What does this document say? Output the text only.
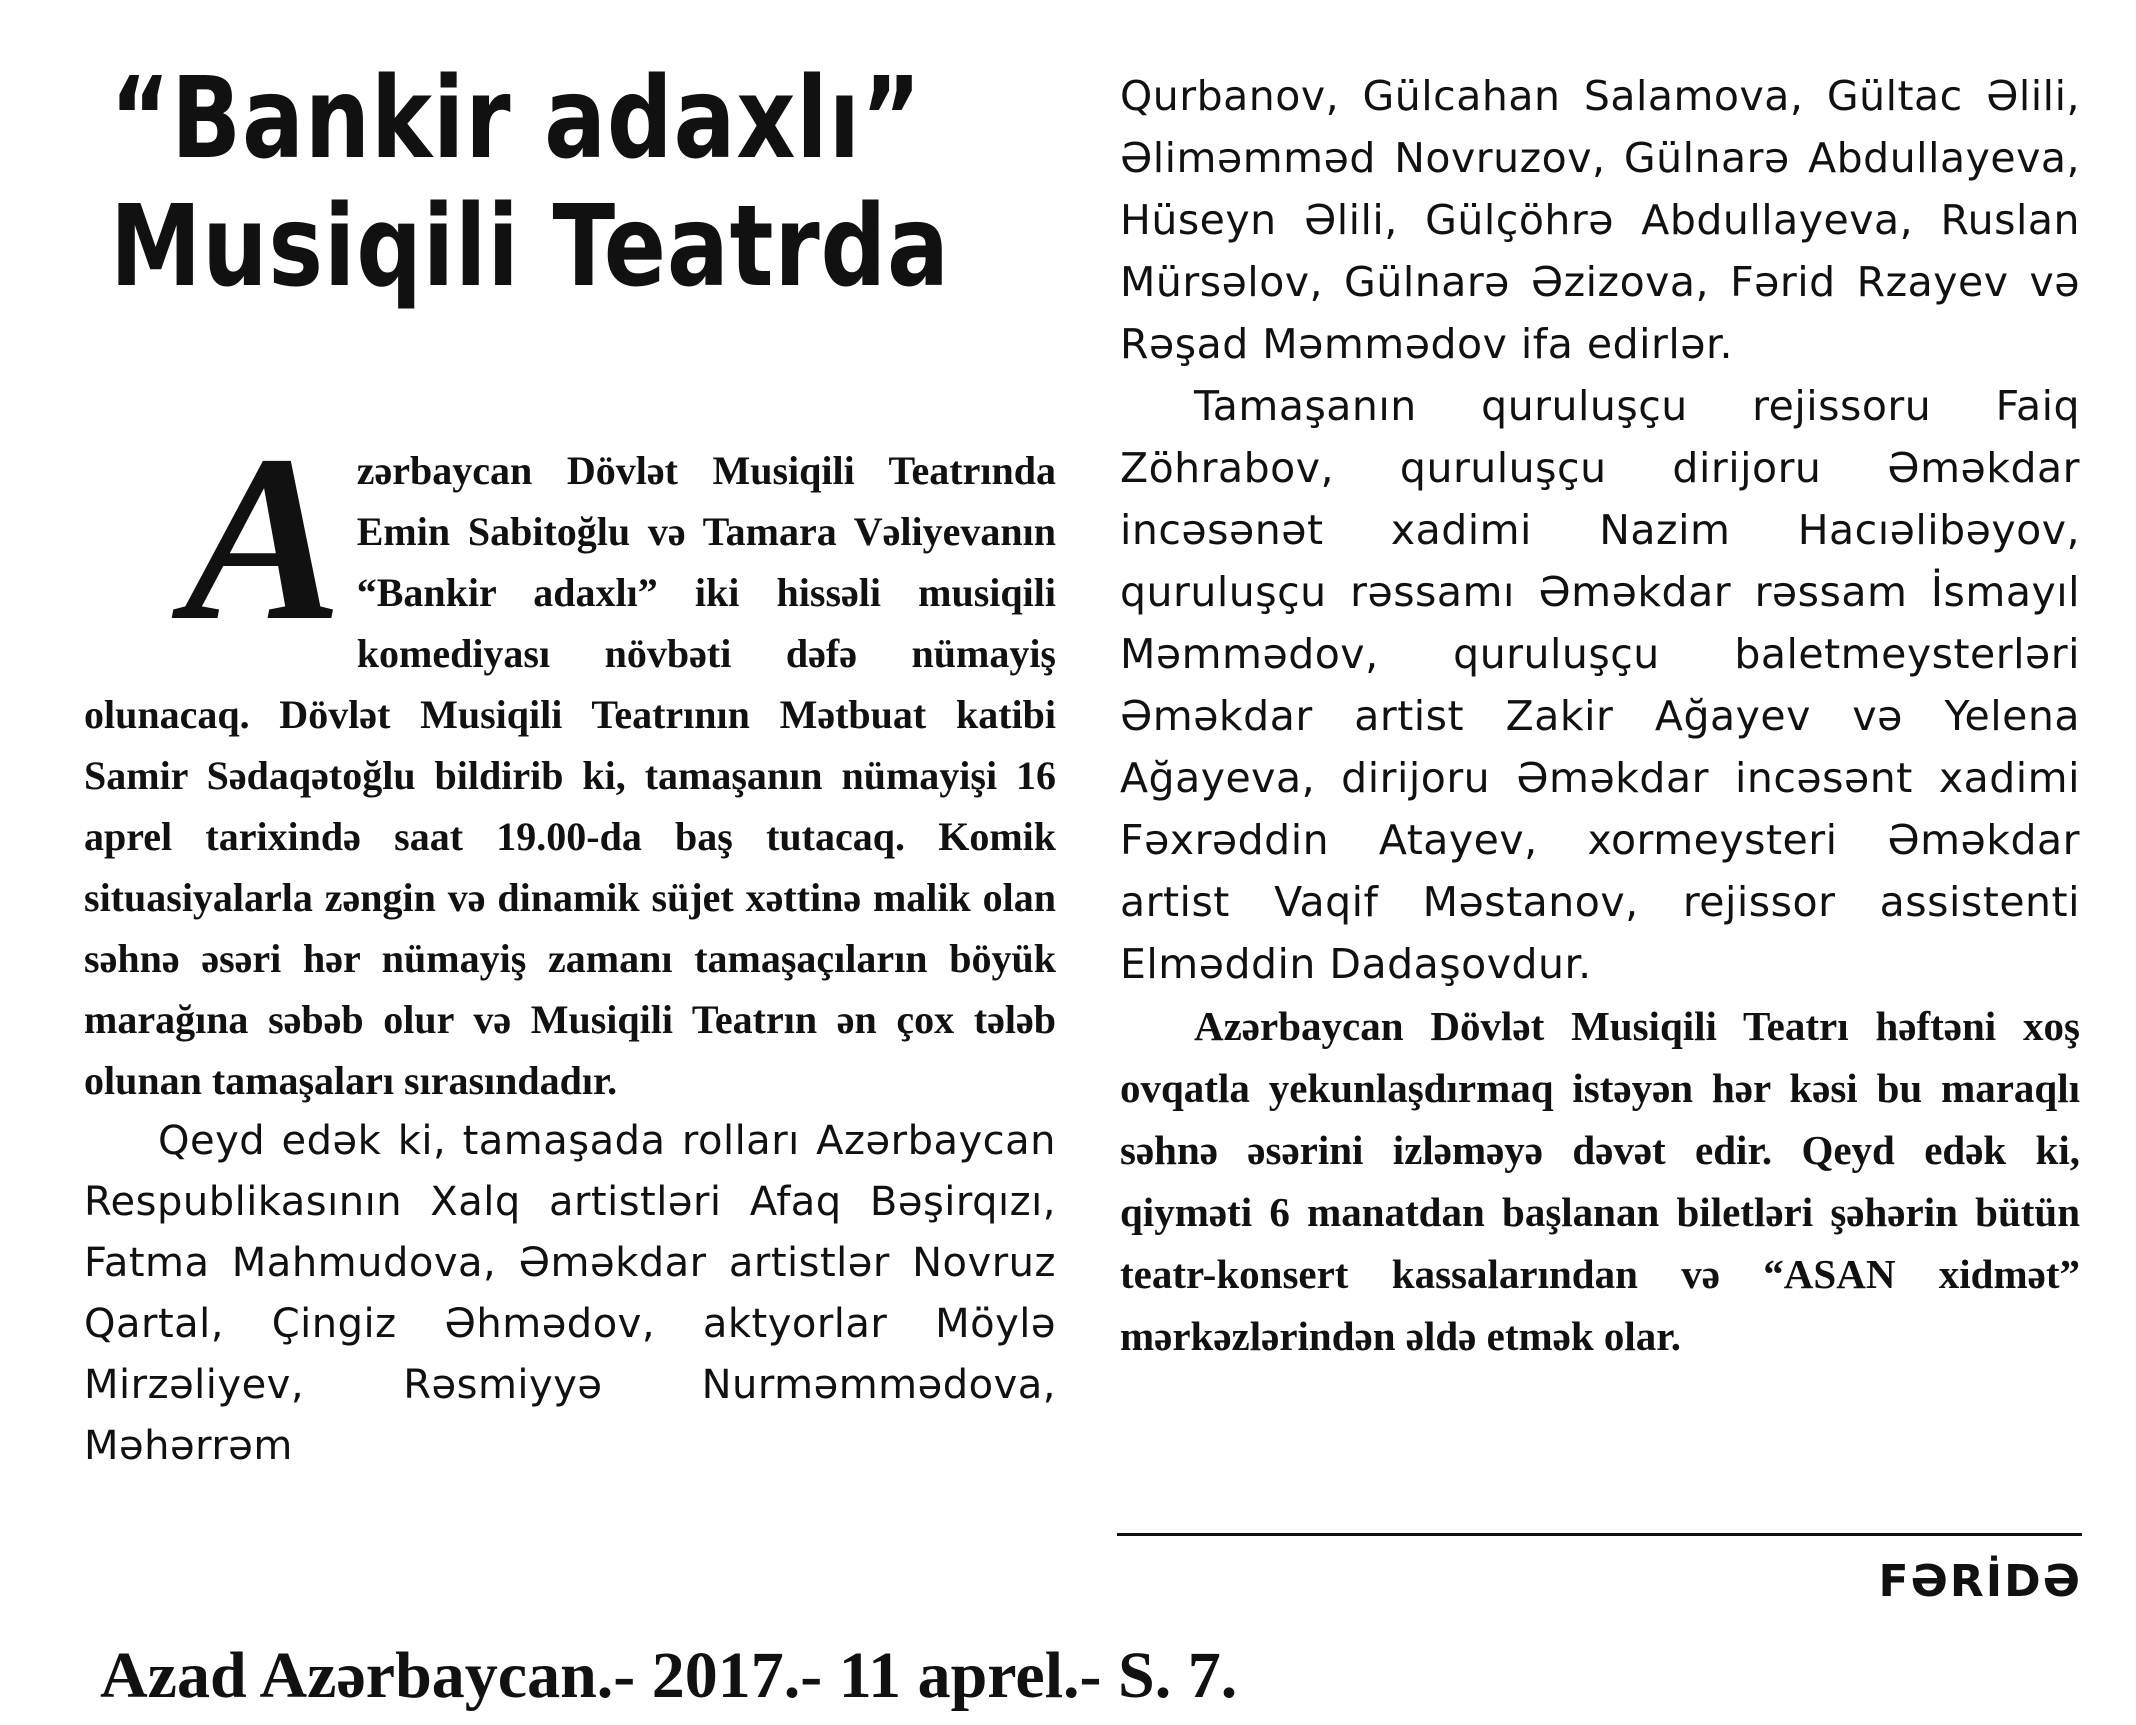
“Bankir adaxlı”
Musiqili Teatrda

Azərbaycan Dövlət Musiqili Teatrında Emin Sabitoğlu və Tamara Vəliyevanın “Bankir adaxlı” iki hissəli musiqili komediyası növbəti dəfə nümayiş olunacaq. Dövlət Musiqili Teatrının Mətbuat katibi Samir Sədaqətoğlu bildirib ki, tamaşanın nümayişi 16 aprel tarixində saat 19.00-da baş tutacaq. Komik situasiyalarla zəngin və dinamik süjet xəttinə malik olan səhnə əsəri hər nümayiş zamanı tamaşaçıların böyük marağına səbəb olur və Musiqili Teatrın ən çox tələb olunan tamaşaları sırasındadır.

Qeyd edək ki, tamaşada rolları Azərbaycan Respublikasının Xalq artistləri Afaq Bəşirqızı, Fatma Mahmudova, Əməkdar artistlər Novruz Qartal, Çingiz Əhmədov, aktyorlar Möylə Mirzəliyev, Rəsmiyyə Nurməmmədova, Məhərrəm

Qurbanov, Gülcahan Salamova, Gültac Əlili, Əliməmməd Novruzov, Gülnarə Abdullayeva, Hüseyn Əlili, Gülçöhrə Abdullayeva, Ruslan Mürsəlov, Gülnarə Əzizova, Fərid Rzayev və Rəşad Məmmədov ifa edirlər.

Tamaşanın quruluşçu rejissoru Faiq Zöhrabov, quruluşçu dirijoru Əməkdar incəsənət xadimi Nazim Hacıəlibəyov, quruluşçu rəssamı Əməkdar rəssam İsmayıl Məmmədov, quruluşçu baletmeysterləri Əməkdar artist Zakir Ağayev və Yelena Ağayeva, dirijoru Əməkdar incəsənt xadimi Fəxrəddin Atayev, xormeysteri Əməkdar artist Vaqif Məstanov, rejissor assistenti Elməddin Dadaşovdur.

Azərbaycan Dövlət Musiqili Teatrı həftəni xoş ovqatla yekunlaşdırmaq istəyən hər kəsi bu maraqlı səhnə əsərini izləməyə dəvət edir. Qeyd edək ki, qiyməti 6 manatdan başlanan biletləri şəhərin bütün teatr-konsert kassalarından və “ASAN xidmət” mərkəzlərindən əldə etmək olar.

FƏRİDƏ
Azad Azərbaycan.- 2017.- 11 aprel.- S. 7.
